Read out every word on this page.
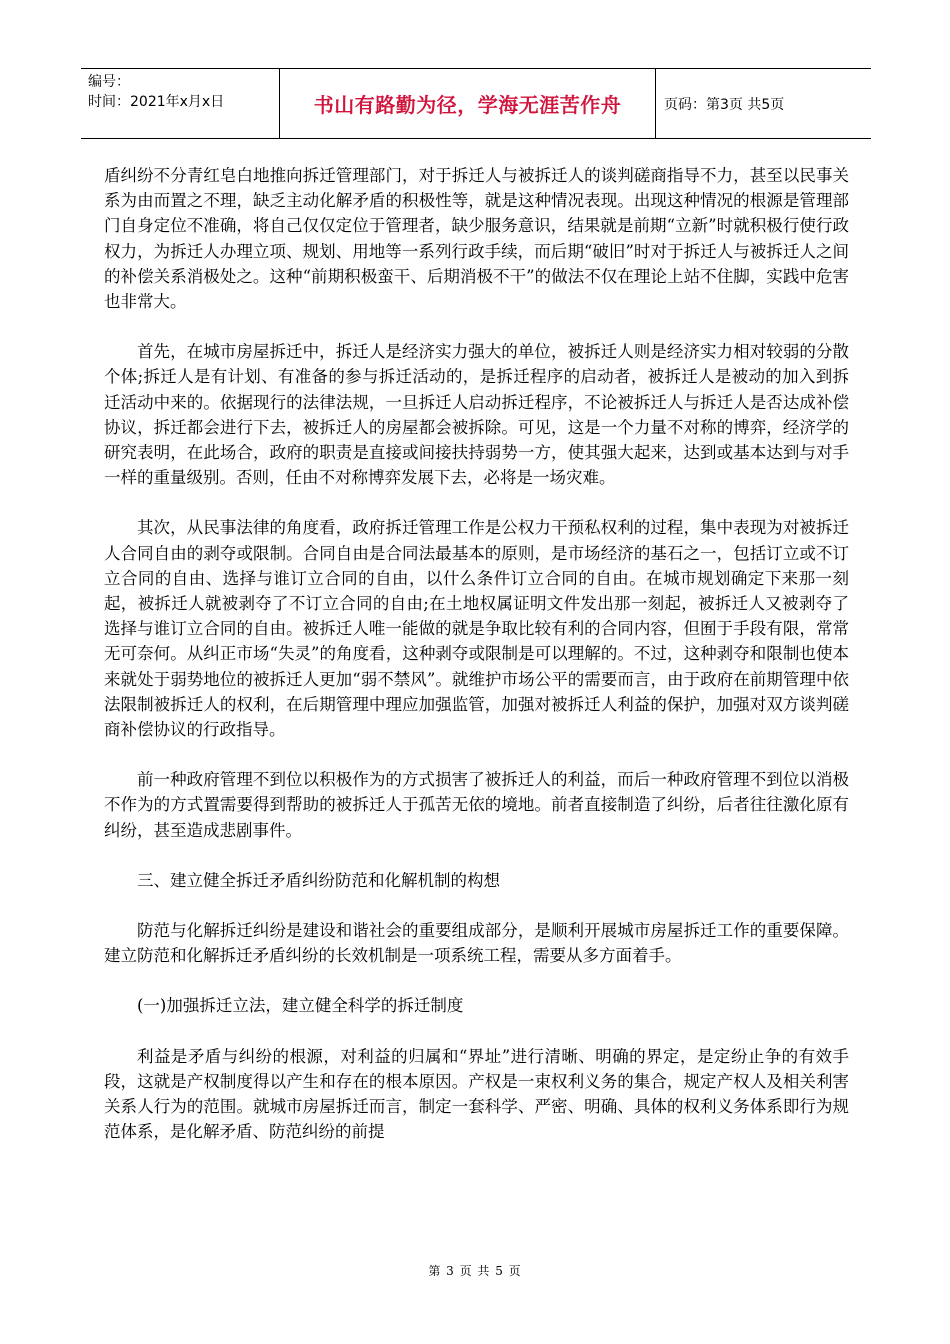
编号：
时间：2021年x月x日	书山有路勤为径，学海无涯苦作舟	页码：第3页 共5页

盾纠纷不分青红皂白地推向拆迁管理部门，对于拆迁人与被拆迁人的谈判磋商指导不力，甚至以民事关系为由而置之不理，缺乏主动化解矛盾的积极性等，就是这种情况表现。出现这种情况的根源是管理部门自身定位不准确，将自己仅仅定位于管理者，缺少服务意识，结果就是前期“立新”时就积极行使行政权力，为拆迁人办理立项、规划、用地等一系列行政手续，而后期“破旧”时对于拆迁人与被拆迁人之间的补偿关系消极处之。这种“前期积极蛮干、后期消极不干”的做法不仅在理论上站不住脚，实践中危害也非常大。

首先，在城市房屋拆迁中，拆迁人是经济实力强大的单位，被拆迁人则是经济实力相对较弱的分散个体;拆迁人是有计划、有准备的参与拆迁活动的，是拆迁程序的启动者，被拆迁人是被动的加入到拆迁活动中来的。依据现行的法律法规，一旦拆迁人启动拆迁程序，不论被拆迁人与拆迁人是否达成补偿协议，拆迁都会进行下去，被拆迁人的房屋都会被拆除。可见，这是一个力量不对称的博弈，经济学的研究表明，在此场合，政府的职责是直接或间接扶持弱势一方，使其强大起来，达到或基本达到与对手一样的重量级别。否则，任由不对称博弈发展下去，必将是一场灾难。

其次，从民事法律的角度看，政府拆迁管理工作是公权力干预私权利的过程，集中表现为对被拆迁人合同自由的剥夺或限制。合同自由是合同法最基本的原则，是市场经济的基石之一，包括订立或不订立合同的自由、选择与谁订立合同的自由，以什么条件订立合同的自由。在城市规划确定下来那一刻起，被拆迁人就被剥夺了不订立合同的自由;在土地权属证明文件发出那一刻起，被拆迁人又被剥夺了选择与谁订立合同的自由。被拆迁人唯一能做的就是争取比较有利的合同内容，但囿于手段有限，常常无可奈何。从纠正市场“失灵”的角度看，这种剥夺或限制是可以理解的。不过，这种剥夺和限制也使本来就处于弱势地位的被拆迁人更加“弱不禁风”。就维护市场公平的需要而言，由于政府在前期管理中依法限制被拆迁人的权利，在后期管理中理应加强监管，加强对被拆迁人利益的保护，加强对双方谈判磋商补偿协议的行政指导。

前一种政府管理不到位以积极作为的方式损害了被拆迁人的利益，而后一种政府管理不到位以消极不作为的方式置需要得到帮助的被拆迁人于孤苦无依的境地。前者直接制造了纠纷，后者往往激化原有纠纷，甚至造成悲剧事件。

三、建立健全拆迁矛盾纠纷防范和化解机制的构想

防范与化解拆迁纠纷是建设和谐社会的重要组成部分，是顺利开展城市房屋拆迁工作的重要保障。建立防范和化解拆迁矛盾纠纷的长效机制是一项系统工程，需要从多方面着手。

(一)加强拆迁立法，建立健全科学的拆迁制度

利益是矛盾与纠纷的根源，对利益的归属和“界址”进行清晰、明确的界定，是定纷止争的有效手段，这就是产权制度得以产生和存在的根本原因。产权是一束权利义务的集合，规定产权人及相关利害关系人行为的范围。就城市房屋拆迁而言，制定一套科学、严密、明确、具体的权利义务体系即行为规范体系，是化解矛盾、防范纠纷的前提

第 3 页 共 5 页
